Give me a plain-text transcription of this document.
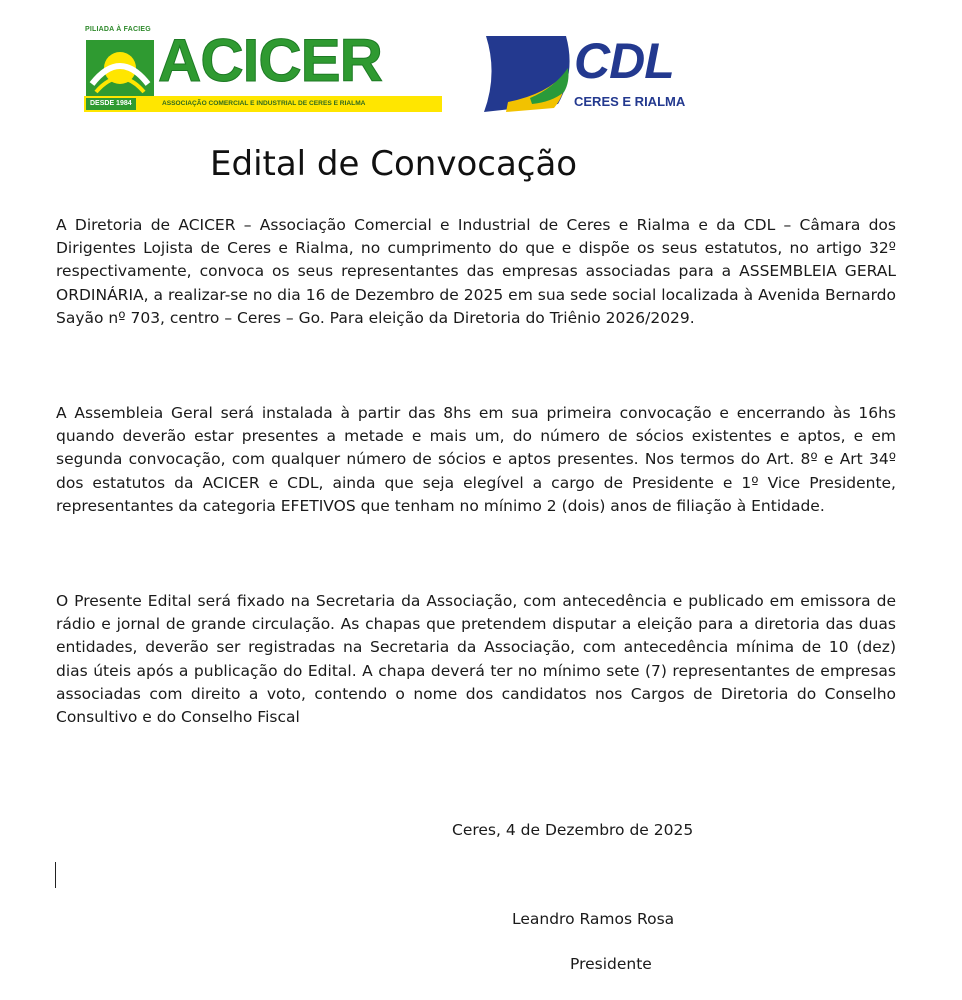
PILIADA À FACIEG ACICER
DESDE 1984	ASSOCIAÇÃO COMERCIAL E INDUSTRIAL DE CERES E RIALMA
CDL
CERES E RIALMA
Edital de Convocação

A Diretoria de ACICER – Associação Comercial e Industrial de Ceres e Rialma e da CDL – Câmara dos Dirigentes Lojista de Ceres e Rialma, no cumprimento do que e dispõe os seus estatutos, no artigo 32º respectivamente, convoca os seus representantes das empresas associadas para a ASSEMBLEIA GERAL ORDINÁRIA, a realizar-se no dia 16 de Dezembro de 2025 em sua sede social localizada à Avenida Bernardo Sayão nº 703, centro – Ceres – Go. Para eleição da Diretoria do Triênio 2026/2029.

A Assembleia Geral será instalada à partir das 8hs em sua primeira convocação e encerrando às 16hs quando deverão estar presentes a metade e mais um, do número de sócios existentes e aptos, e em segunda convocação, com qualquer número de sócios e aptos presentes. Nos termos do Art. 8º e Art 34º dos estatutos da ACICER e CDL, ainda que seja elegível a cargo de Presidente e 1º Vice Presidente, representantes da categoria EFETIVOS que tenham no mínimo 2 (dois) anos de filiação à Entidade.

O Presente Edital será fixado na Secretaria da Associação, com antecedência e publicado em emissora de rádio e jornal de grande circulação. As chapas que pretendem disputar a eleição para a diretoria das duas entidades, deverão ser registradas na Secretaria da Associação, com antecedência mínima de 10 (dez) dias úteis após a publicação do Edital. A chapa deverá ter no mínimo sete (7) representantes de empresas associadas com direito a voto, contendo o nome dos candidatos nos Cargos de Diretoria do Conselho Consultivo e do Conselho Fiscal

Ceres, 4 de Dezembro de 2025
Leandro Ramos Rosa
Presidente
